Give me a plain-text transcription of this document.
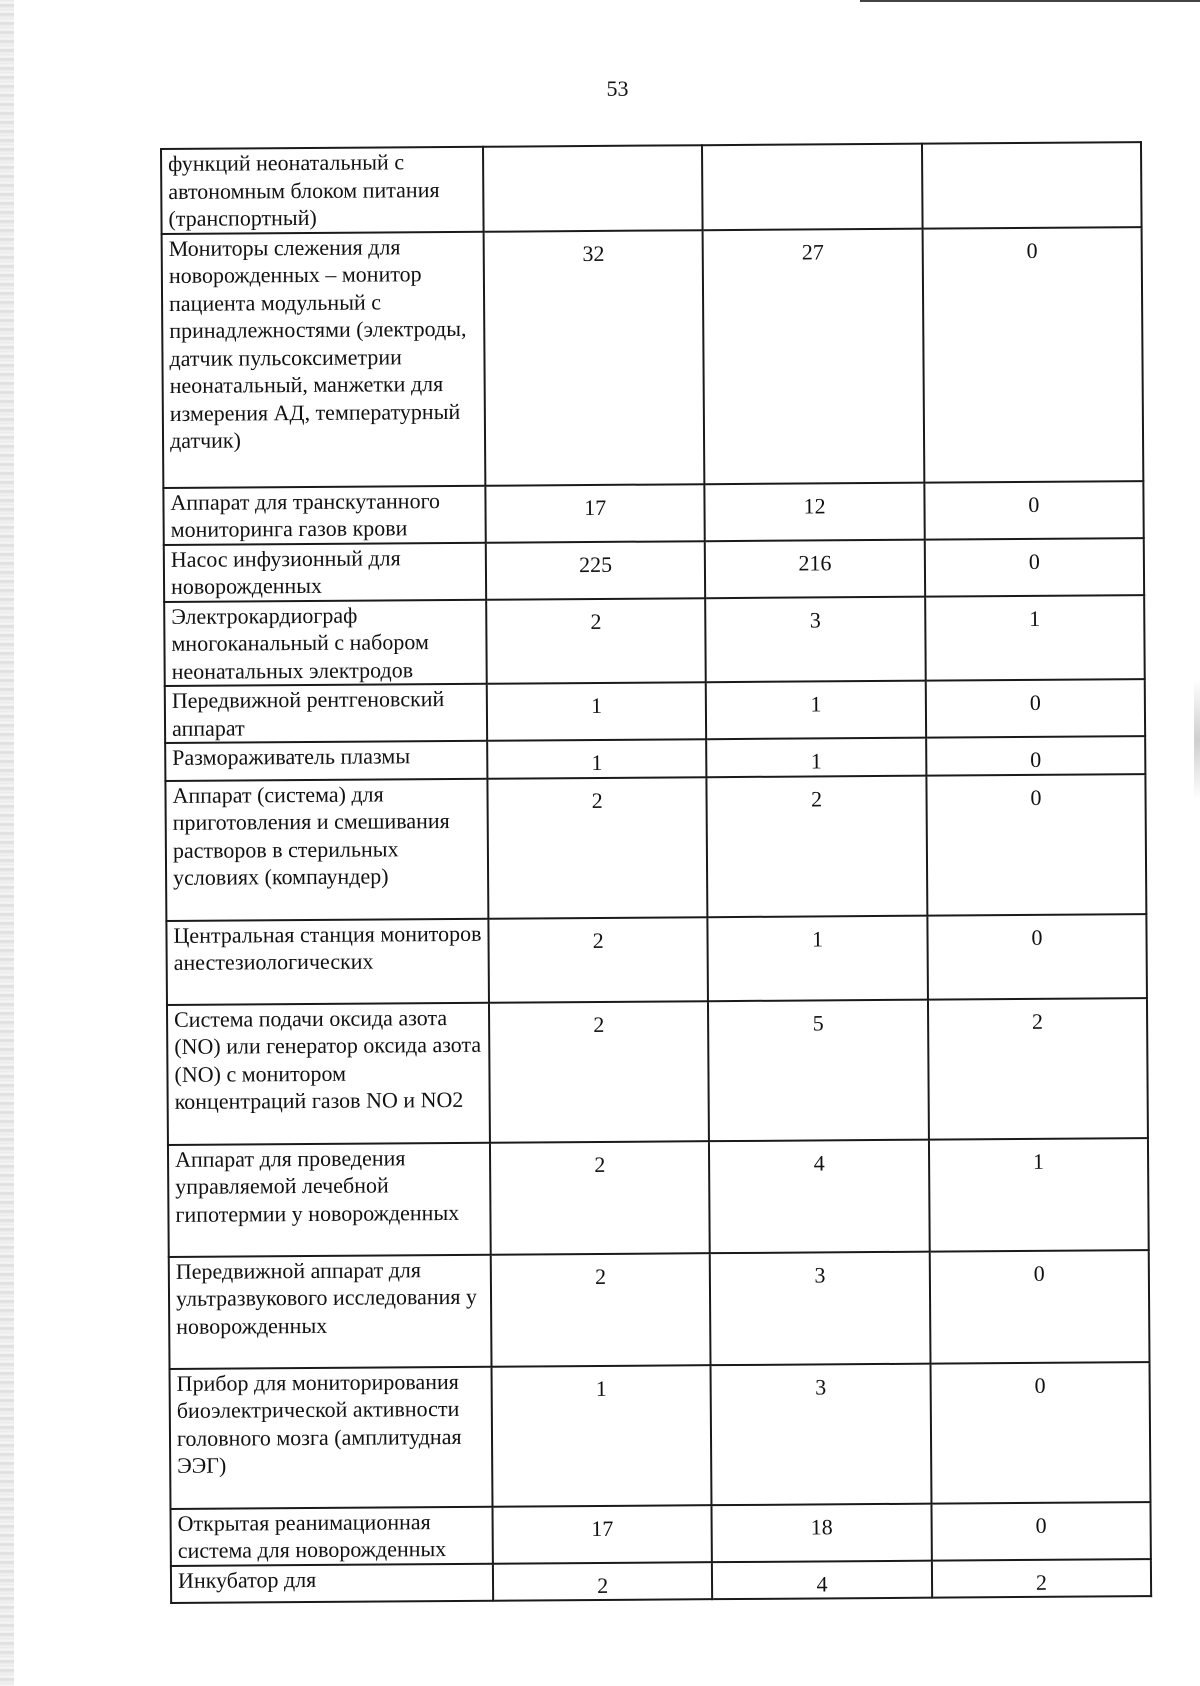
53
функций неонатальный с автономным блоком питания (транспортный)			
Мониторы слежения для новорожденных – монитор пациента модульный с принадлежностями (электроды, датчик пульсоксиметрии неонатальный, манжетки для измерения АД, температурный датчик)	32	27	0
Аппарат для транскутанного мониторинга газов крови	17	12	0
Насос инфузионный для новорожденных	225	216	0
Электрокардиограф многоканальный с набором неонатальных электродов	2	3	1
Передвижной рентгеновский аппарат	1	1	0
Размораживатель плазмы	1	1	0
Аппарат (система) для приготовления и смешивания растворов в стерильных условиях (компаундер)	2	2	0
Центральная станция мониторов анестезиологических	2	1	0
Система подачи оксида азота (NO) или генератор оксида азота (NO) с монитором концентраций газов NO и NO2	2	5	2
Аппарат для проведения управляемой лечебной гипотермии у новорожденных	2	4	1
Передвижной аппарат для ультразвукового исследования у новорожденных	2	3	0
Прибор для мониторирования биоэлектрической активности головного мозга (амплитудная ЭЭГ)	1	3	0
Открытая реанимационная система для новорожденных	17	18	0
Инкубатор для	2	4	2
